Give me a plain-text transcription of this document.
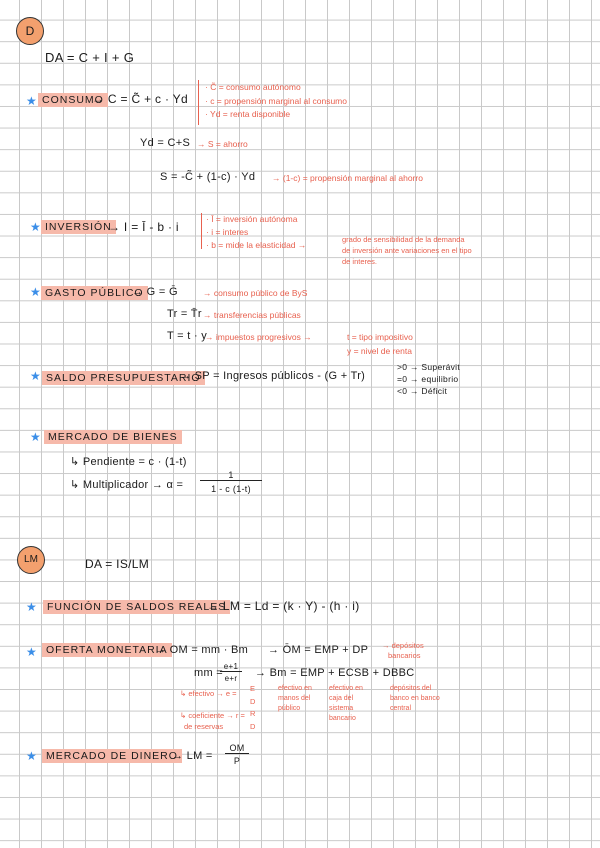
D
DA = C + I + G
★ CONSUMO
→ C = C̃ + c · Yd
· C̃ = consumo autónomo
· c = propensión marginal al consumo
· Yd = renta disponible
Yd = C+S → S = ahorro
S = -C̃ + (1-c) · Yd → (1-c) = propensión marginal al ahorro
★ INVERSIÓN
→ I = Ī - b · i
· Ī = inversión autónoma
· i = interes
· b = mide la elasticidad →
grado de sensibilidad de la demanda
de inversión ante variaciones en el tipo
de interes.
★ GASTO PÚBLICO
→ G = Ḡ	→ consumo público de ByS
Tr = T̄r → transferencias públicas
T = t · y
→ impuestos progresivos →	t = tipo impositivo
y = nivel de renta
★ SALDO PRESUPUESTARIO
→ SP = Ingresos públicos - (G + Tr)
>0 → Superávit
=0 → equilibrio
<0 → Déficit
★ MERCADO DE BIENES
↳ Pendiente = c · (1-t)
↳ Multiplicador → α =
1
1 - c (1-t)
LM	DA = IS/LM
★ FUNCIÓN DE SALDOS REALES
→ LM = Ld = (k · Y) - (h · i)
★ OFERTA MONETARIA
→ OM = mm · Bm → ŌM = EMP + DP → depósitos
bancarios
mm =
e+1
e+r	→ Bm = EMP + ECSB + DBBC
↳ efectivo → e =
E
D
↳ coeficiente → r =
de reservas
R
D
efectivo en
manos del
público
efectivo en
caja del
sistema
bancario
depósitos del
banco en banco
central
★ MERCADO DE DINERO
→ LM =
OM
P
